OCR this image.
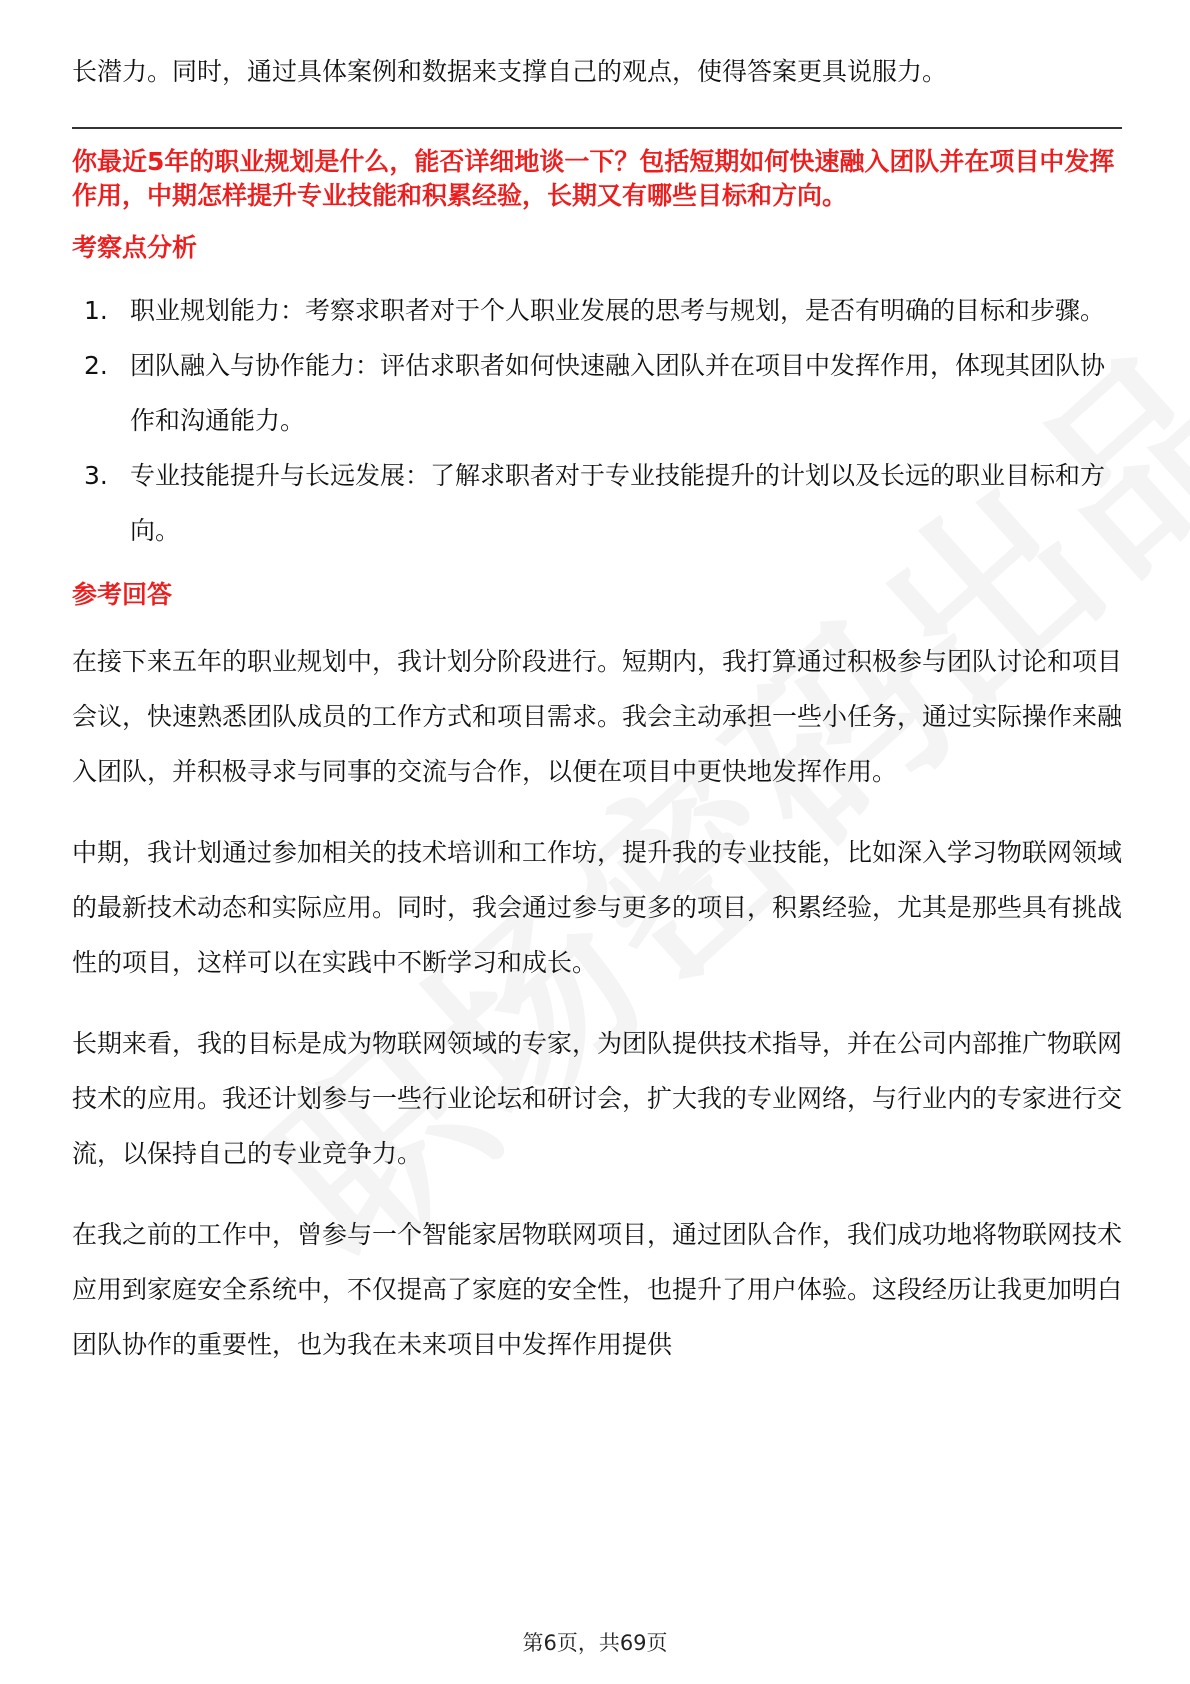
长潜力。同时，通过具体案例和数据来支撑自己的观点，使得答案更具说服力。

你最近5年的职业规划是什么，能否详细地谈一下？包括短期如何快速融入团队并在项目中发挥作用，中期怎样提升专业技能和积累经验，长期又有哪些目标和方向。

考察点分析
1. 职业规划能力：考察求职者对于个人职业发展的思考与规划，是否有明确的目标和步骤。
2. 团队融入与协作能力：评估求职者如何快速融入团队并在项目中发挥作用，体现其团队协作和沟通能力。
3. 专业技能提升与长远发展：了解求职者对于专业技能提升的计划以及长远的职业目标和方向。
参考回答

在接下来五年的职业规划中，我计划分阶段进行。短期内，我打算通过积极参与团队讨论和项目会议，快速熟悉团队成员的工作方式和项目需求。我会主动承担一些小任务，通过实际操作来融入团队，并积极寻求与同事的交流与合作，以便在项目中更快地发挥作用。

中期，我计划通过参加相关的技术培训和工作坊，提升我的专业技能，比如深入学习物联网领域的最新技术动态和实际应用。同时，我会通过参与更多的项目，积累经验，尤其是那些具有挑战性的项目，这样可以在实践中不断学习和成长。

长期来看，我的目标是成为物联网领域的专家，为团队提供技术指导，并在公司内部推广物联网技术的应用。我还计划参与一些行业论坛和研讨会，扩大我的专业网络，与行业内的专家进行交流，以保持自己的专业竞争力。

在我之前的工作中，曾参与一个智能家居物联网项目，通过团队合作，我们成功地将物联网技术应用到家庭安全系统中，不仅提高了家庭的安全性，也提升了用户体验。这段经历让我更加明白团队协作的重要性，也为我在未来项目中发挥作用提供

第6页，共69页
